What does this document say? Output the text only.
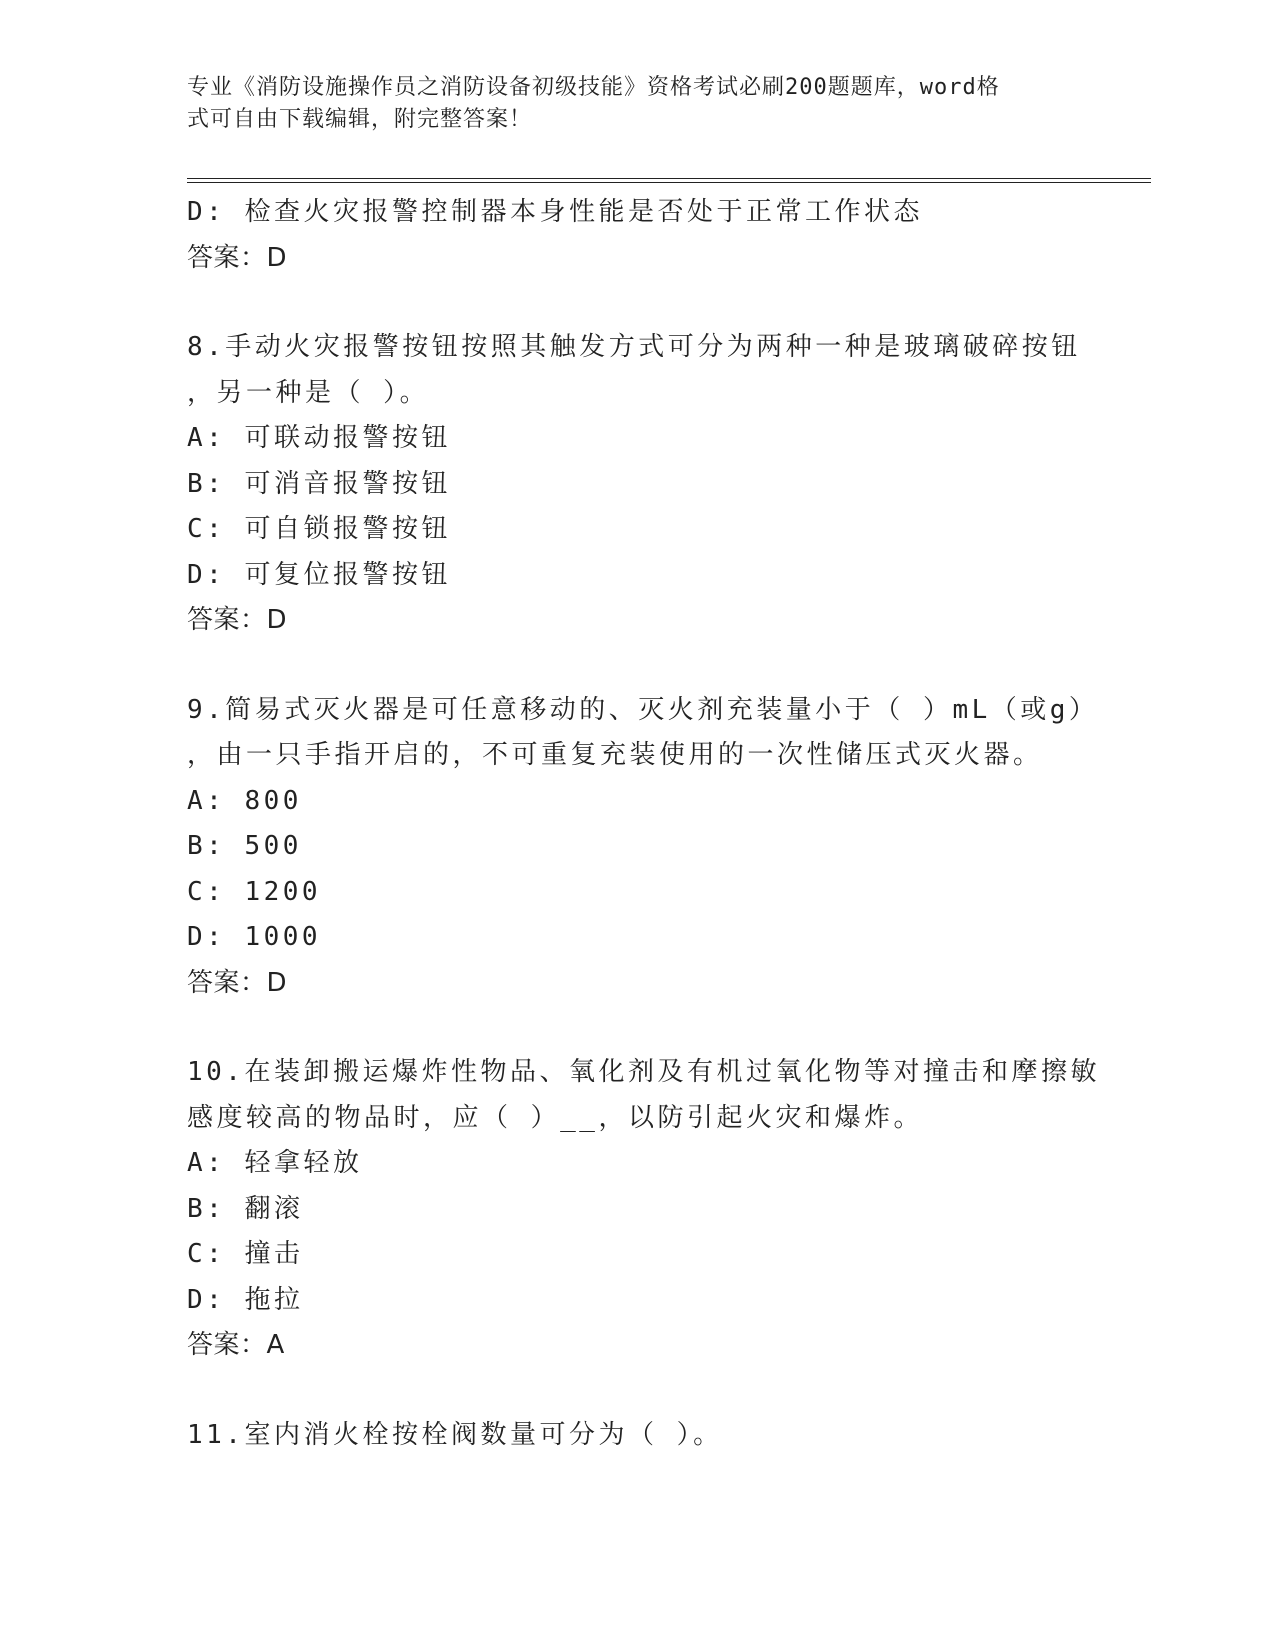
专业《消防设施操作员之消防设备初级技能》资格考试必刷200题题库，word格
式可自由下载编辑，附完整答案！
D: 检查火灾报警控制器本身性能是否处于正常工作状态
答案：D
8.手动火灾报警按钮按照其触发方式可分为两种一种是玻璃破碎按钮
，另一种是（ ）。
A: 可联动报警按钮
B: 可消音报警按钮
C: 可自锁报警按钮
D: 可复位报警按钮
答案：D
9.简易式灭火器是可任意移动的、灭火剂充装量小于（ ）mL（或g）
，由一只手指开启的，不可重复充装使用的一次性储压式灭火器。
A: 800
B: 500
C: 1200
D: 1000
答案：D
10.在装卸搬运爆炸性物品、氧化剂及有机过氧化物等对撞击和摩擦敏
感度较高的物品时，应（ ）__，以防引起火灾和爆炸。
A: 轻拿轻放
B: 翻滚
C: 撞击
D: 拖拉
答案：A
11.室内消火栓按栓阀数量可分为（ ）。
